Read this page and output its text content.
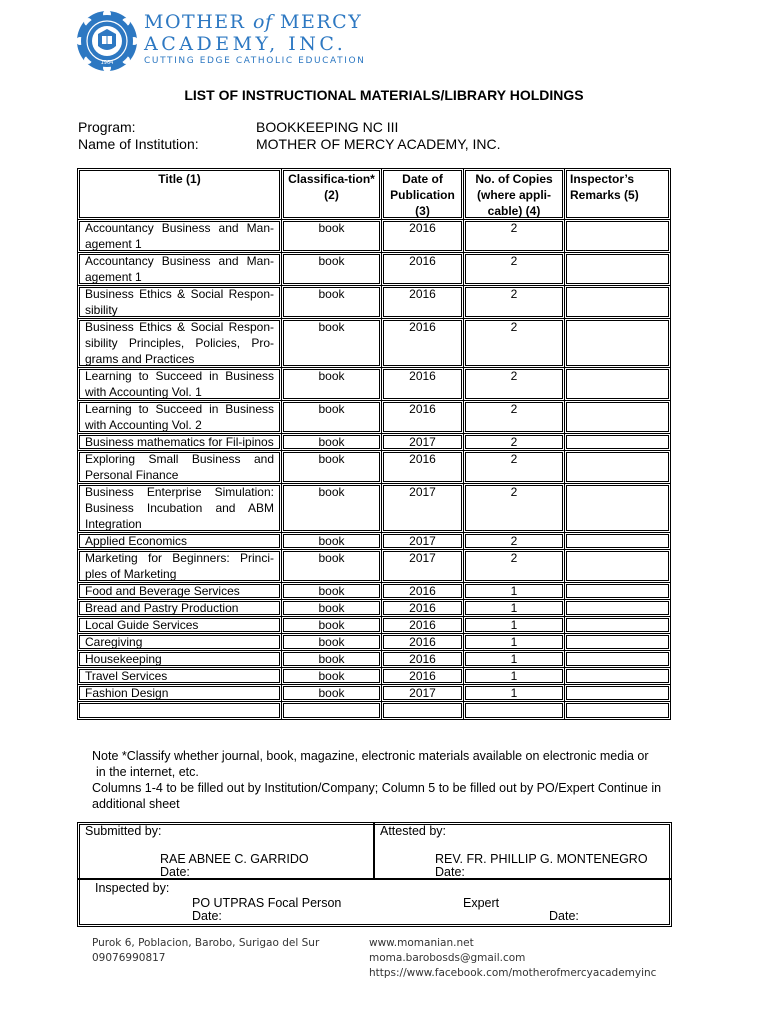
1964
MOTHER of MERCY
ACADEMY, INC.
CUTTING EDGE CATHOLIC EDUCATION
LIST OF INSTRUCTIONAL MATERIALS/LIBRARY HOLDINGS
Program:	BOOKKEEPING NC III
Name of Institution:	MOTHER OF MERCY ACADEMY, INC.
Title (1)	Classifica-tion*(2)	Date of Publication (3)	No. of Copies (where appli-cable) (4)	Inspector’s Remarks (5)
Accountancy Business and Man-agement 1	book	2016	2	
Accountancy Business and Man-agement 1	book	2016	2	
Business Ethics & Social Respon-sibility	book	2016	2	
Business Ethics & Social Respon-sibility Principles, Policies, Pro-grams and Practices	book	2016	2	
Learning to Succeed in Business with Accounting Vol. 1	book	2016	2	
Learning to Succeed in Business with Accounting Vol. 2	book	2016	2	
Business mathematics for Fil-ipinos	book	2017	2	
Exploring Small Business and Personal Finance	book	2016	2	
Business Enterprise Simulation: Business Incubation and ABM Integration	book	2017	2	
Applied Economics	book	2017	2	
Marketing for Beginners: Princi-ples of Marketing	book	2017	2	
Food and Beverage Services	book	2016	1	
Bread and Pastry Production	book	2016	1	
Local Guide Services	book	2016	1	
Caregiving	book	2016	1	
Housekeeping	book	2016	1	
Travel Services	book	2016	1	
Fashion Design	book	2017	1	

Note *Classify whether journal, book, magazine, electronic materials available on electronic media or

in the internet, etc.

Columns 1-4 to be filled out by Institution/Company; Column 5 to be filled out by PO/Expert Continue in

additional sheet

Submitted by:
RAE ABNEE C. GARRIDO
Date:
Attested by:
REV. FR. PHILLIP G. MONTENEGRO
Date:
Inspected by:
PO UTPRAS Focal Person
Date:
Expert
Date:
Purok 6, Poblacion, Barobo, Surigao del Sur
09076990817
www.momanian.net
moma.barobosds@gmail.com
https://www.facebook.com/motherofmercyacademyinc
